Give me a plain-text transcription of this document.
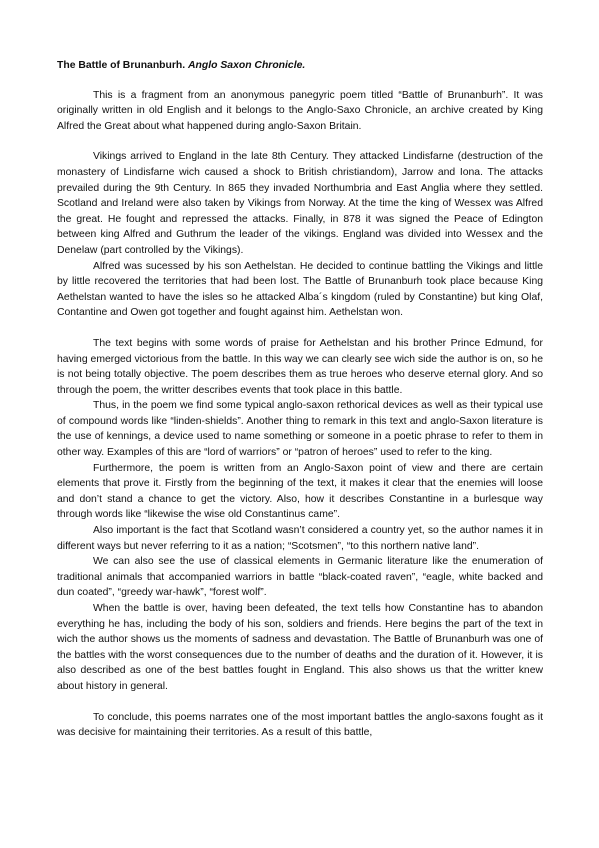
The Battle of Brunanburh. Anglo Saxon Chronicle.

This is a fragment from an anonymous panegyric poem titled “Battle of Brunanburh”. It was originally written in old English and it belongs to the Anglo-Saxo Chronicle, an archive created by King Alfred the Great about what happened during anglo-Saxon Britain.

Vikings arrived to England in the late 8th Century. They attacked Lindisfarne (destruction of the monastery of Lindisfarne wich caused a shock to British christiandom), Jarrow and Iona. The attacks prevailed during the 9th Century. In 865 they invaded Northumbria and East Anglia where they settled. Scotland and Ireland were also taken by Vikings from Norway. At the time the king of Wessex was Alfred the great. He fought and repressed the attacks. Finally, in 878 it was signed the Peace of Edington between king Alfred and Guthrum the leader of the vikings. England was divided into Wessex and the Denelaw (part controlled by the Vikings).

Alfred was sucessed by his son Aethelstan. He decided to continue battling the Vikings and little by little recovered the territories that had been lost. The Battle of Brunanburh took place because King Aethelstan wanted to have the isles so he attacked Alba´s kingdom (ruled by Constantine) but king Olaf, Contantine and Owen got together and fought against him. Aethelstan won.

The text begins with some words of praise for Aethelstan and his brother Prince Edmund, for having emerged victorious from the battle. In this way we can clearly see wich side the author is on, so he is not being totally objective. The poem describes them as true heroes who deserve eternal glory. And so through the poem, the writter describes events that took place in this battle.

Thus, in the poem we find some typical anglo-saxon rethorical devices as well as their typical use of compound words like “linden-shields”. Another thing to remark in this text and anglo-Saxon literature is the use of kennings, a device used to name something or someone in a poetic phrase to refer to them in other way. Examples of this are “lord of warriors” or “patron of heroes” used to refer to the king.

Furthermore, the poem is written from an Anglo-Saxon point of view and there are certain elements that prove it. Firstly from the beginning of the text, it makes it clear that the enemies will loose and don’t stand a chance to get the victory. Also, how it describes Constantine in a burlesque way through words like “likewise the wise old Constantinus came”.

Also important is the fact that Scotland wasn’t considered a country yet, so the author names it in different ways but never referring to it as a nation; “Scotsmen”, “to this northern native land”.

We can also see the use of classical elements in Germanic literature like the enumeration of traditional animals that accompanied warriors in battle “black-coated raven”, “eagle, white backed and dun coated”, “greedy war-hawk”, “forest wolf”.

When the battle is over, having been defeated, the text tells how Constantine has to abandon everything he has, including the body of his son, soldiers and friends. Here begins the part of the text in wich the author shows us the moments of sadness and devastation. The Battle of Brunanburh was one of the battles with the worst consequences due to the number of deaths and the duration of it. However, it is also described as one of the best battles fought in England. This also shows us that the writter knew about history in general.

To conclude, this poems narrates one of the most important battles the anglo-saxons fought as it was decisive for maintaining their territories. As a result of this battle,
